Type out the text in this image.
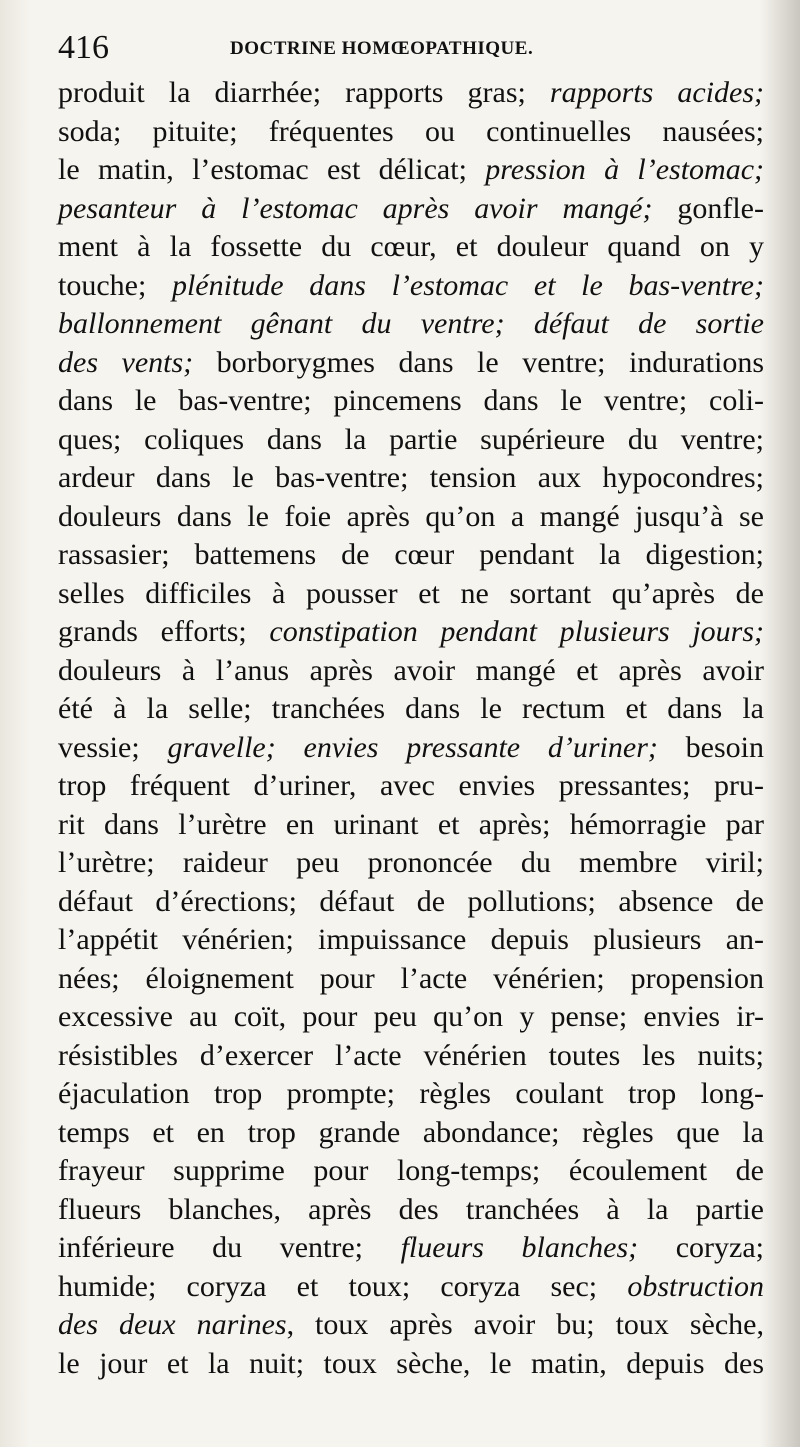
416	DOCTRINE HOMŒOPATHIQUE.
produit la diarrhée; rapports gras; rapports acides;
soda; pituite; fréquentes ou continuelles nausées;
le matin, l’estomac est délicat; pression à l’estomac;
pesanteur à l’estomac après avoir mangé; gonfle-
ment à la fossette du cœur, et douleur quand on y
touche; plénitude dans l’estomac et le bas-ventre;
ballonnement gênant du ventre; défaut de sortie
des vents; borborygmes dans le ventre; indurations
dans le bas-ventre; pincemens dans le ventre; coli-
ques; coliques dans la partie supérieure du ventre;
ardeur dans le bas-ventre; tension aux hypocondres;
douleurs dans le foie après qu’on a mangé jusqu’à se
rassasier; battemens de cœur pendant la digestion;
selles difficiles à pousser et ne sortant qu’après de
grands efforts; constipation pendant plusieurs jours;
douleurs à l’anus après avoir mangé et après avoir
été à la selle; tranchées dans le rectum et dans la
vessie; gravelle; envies pressante d’uriner; besoin
trop fréquent d’uriner, avec envies pressantes; pru-
rit dans l’urètre en urinant et après; hémorragie par
l’urètre; raideur peu prononcée du membre viril;
défaut d’érections; défaut de pollutions; absence de
l’appétit vénérien; impuissance depuis plusieurs an-
nées; éloignement pour l’acte vénérien; propension
excessive au coït, pour peu qu’on y pense; envies ir-
résistibles d’exercer l’acte vénérien toutes les nuits;
éjaculation trop prompte; règles coulant trop long-
temps et en trop grande abondance; règles que la
frayeur supprime pour long-temps; écoulement de
flueurs blanches, après des tranchées à la partie
inférieure du ventre; flueurs blanches; coryza;
humide; coryza et toux; coryza sec; obstruction
des deux narines, toux après avoir bu; toux sèche,
le jour et la nuit; toux sèche, le matin, depuis des
